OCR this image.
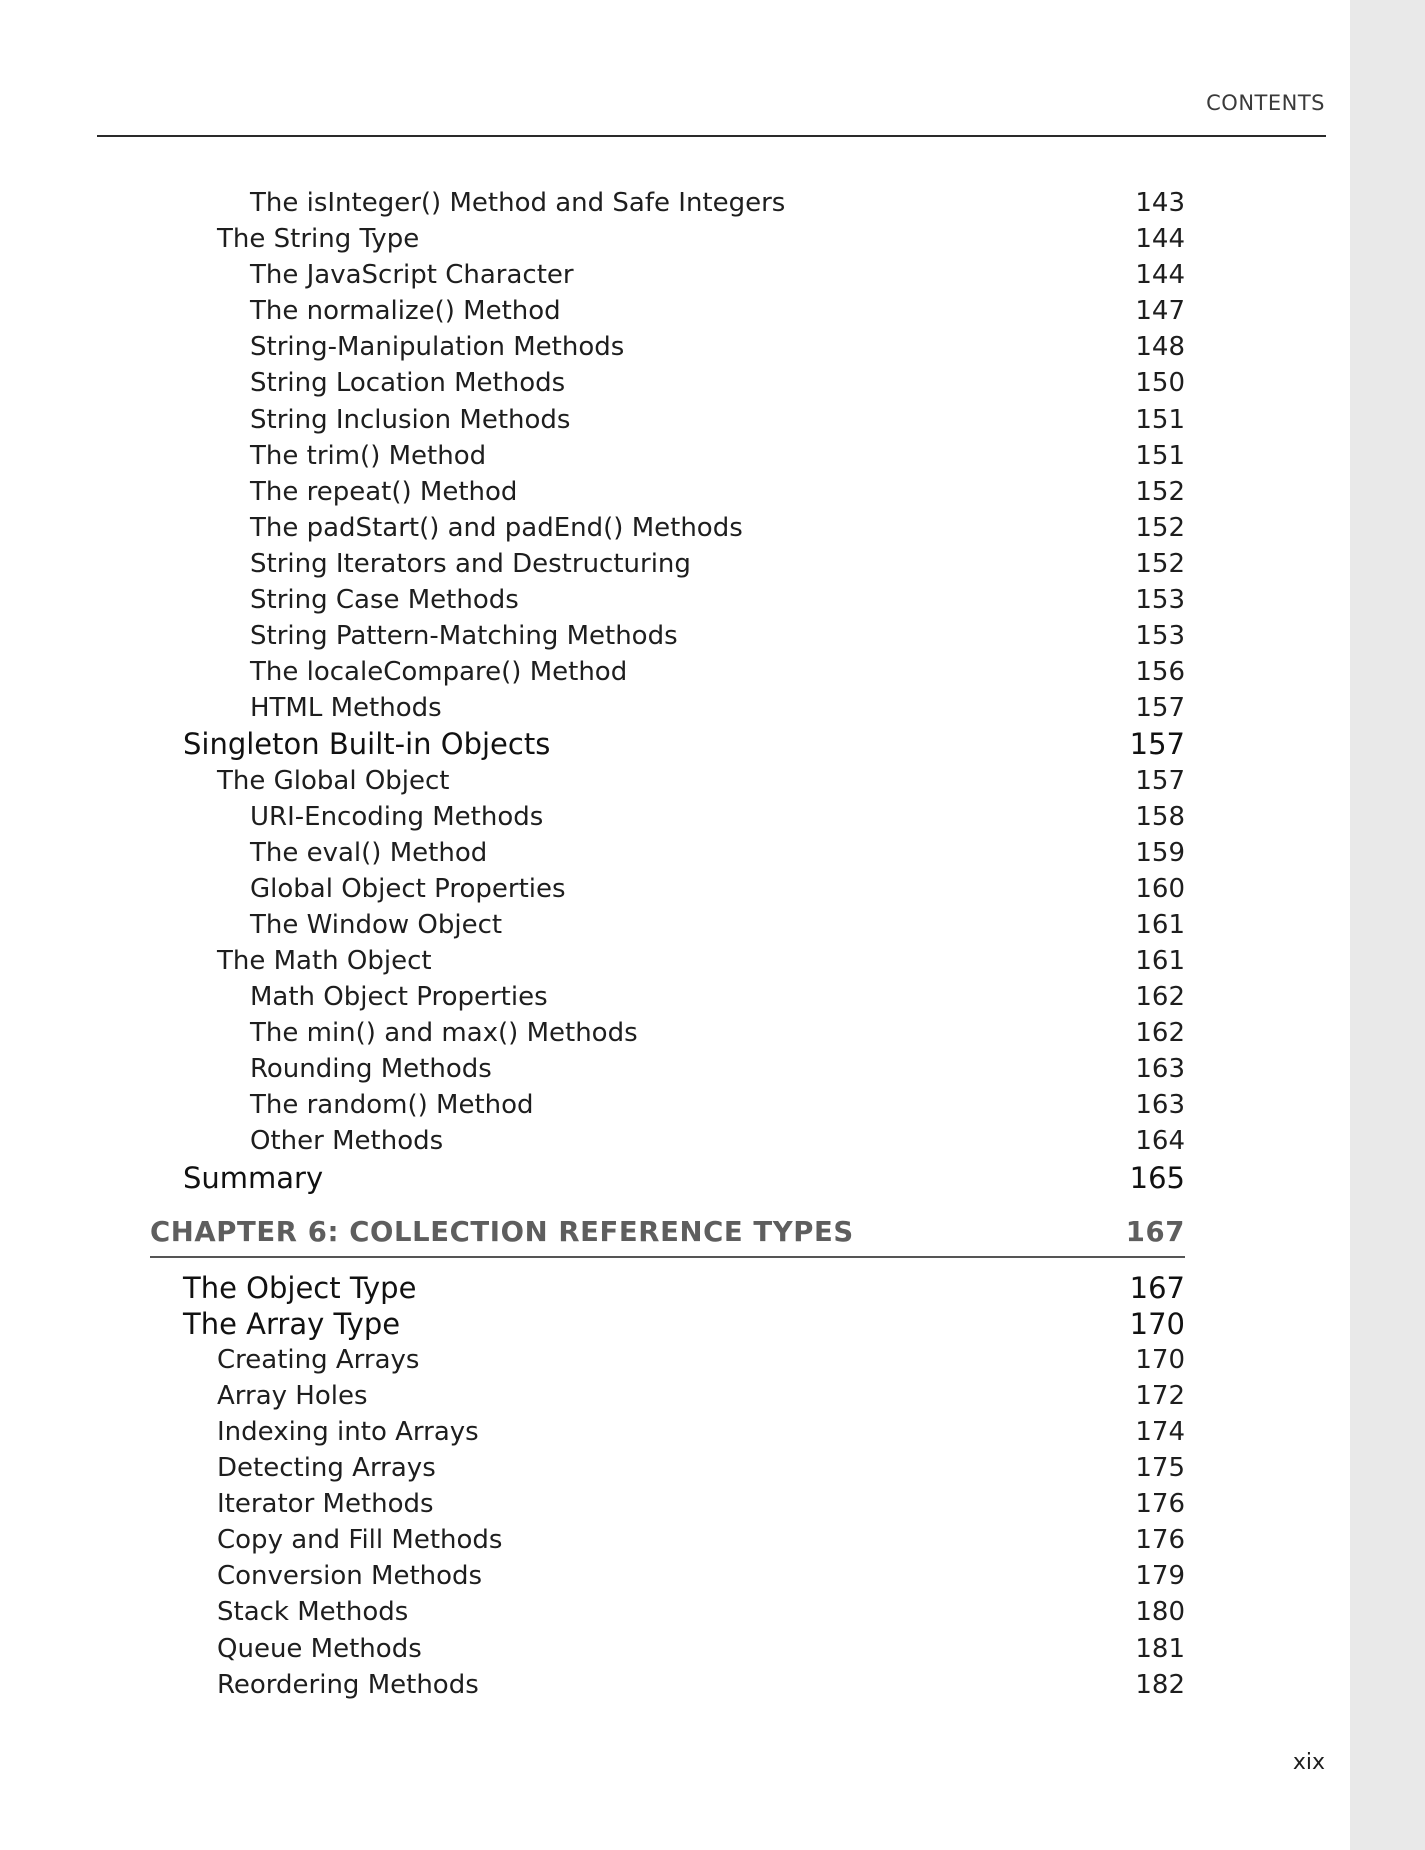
CONTENTS

The isInteger() Method and Safe Integers	143
The String Type	144
The JavaScript Character	144
The normalize() Method	147
String-Manipulation Methods	148
String Location Methods	150
String Inclusion Methods	151
The trim() Method	151
The repeat() Method	152
The padStart() and padEnd() Methods	152
String Iterators and Destructuring	152
String Case Methods	153
String Pattern-Matching Methods	153
The localeCompare() Method	156
HTML Methods	157
Singleton Built-in Objects	157
The Global Object	157
URI-Encoding Methods	158
The eval() Method	159
Global Object Properties	160
The Window Object	161
The Math Object	161
Math Object Properties	162
The min() and max() Methods	162
Rounding Methods	163
The random() Method	163
Other Methods	164
Summary	165
CHAPTER 6: COLLECTION REFERENCE TYPES	167
The Object Type	167
The Array Type	170
Creating Arrays	170
Array Holes	172
Indexing into Arrays	174
Detecting Arrays	175
Iterator Methods	176
Copy and Fill Methods	176
Conversion Methods	179
Stack Methods	180
Queue Methods	181
Reordering Methods	182

xix
